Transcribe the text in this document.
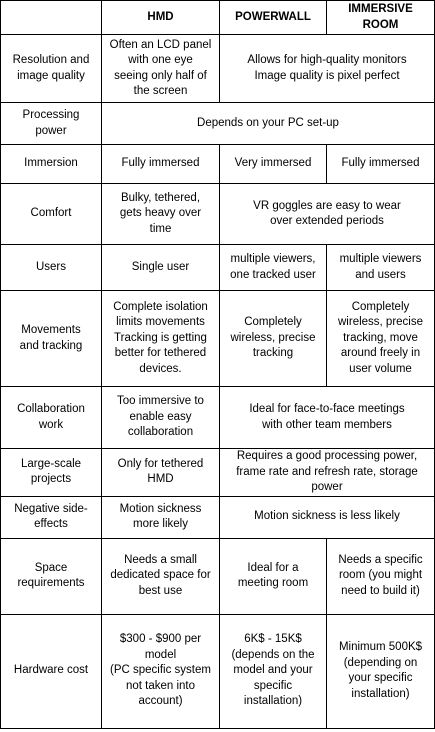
	HMD	POWERWALL	IMMERSIVE
ROOM
Resolution and
image quality	Often an LCD panel
with one eye
seeing only half of
the screen	Allows for high-quality monitors
Image quality is pixel perfect	
Processing
power	Depends on your PC set-up		
Immersion	Fully immersed	Very immersed	Fully immersed
Comfort	Bulky, tethered,
gets heavy over
time	VR goggles are easy to wear
over extended periods	
Users	Single user	multiple viewers,
one tracked user	multiple viewers
and users
Movements
and tracking	Complete isolation
limits movements
Tracking is getting
better for tethered
devices.	Completely
wireless, precise
tracking	Completely
wireless, precise
tracking, move
around freely in
user volume
Collaboration
work	Too immersive to
enable easy
collaboration	Ideal for face-to-face meetings
with other team members	
Large-scale
projects	Only for tethered
HMD	Requires a good processing power,
frame rate and refresh rate, storage
power	
Negative side-
effects	Motion sickness
more likely	Motion sickness is less likely	
Space
requirements	Needs a small
dedicated space for
best use	Ideal for a
meeting room	Needs a specific
room (you might
need to build it)
Hardware cost	$300 - $900 per
model
(PC specific system
not taken into
account)	6K$ - 15K$
(depends on the
model and your
specific
installation)	Minimum 500K$
(depending on
your specific
installation)
